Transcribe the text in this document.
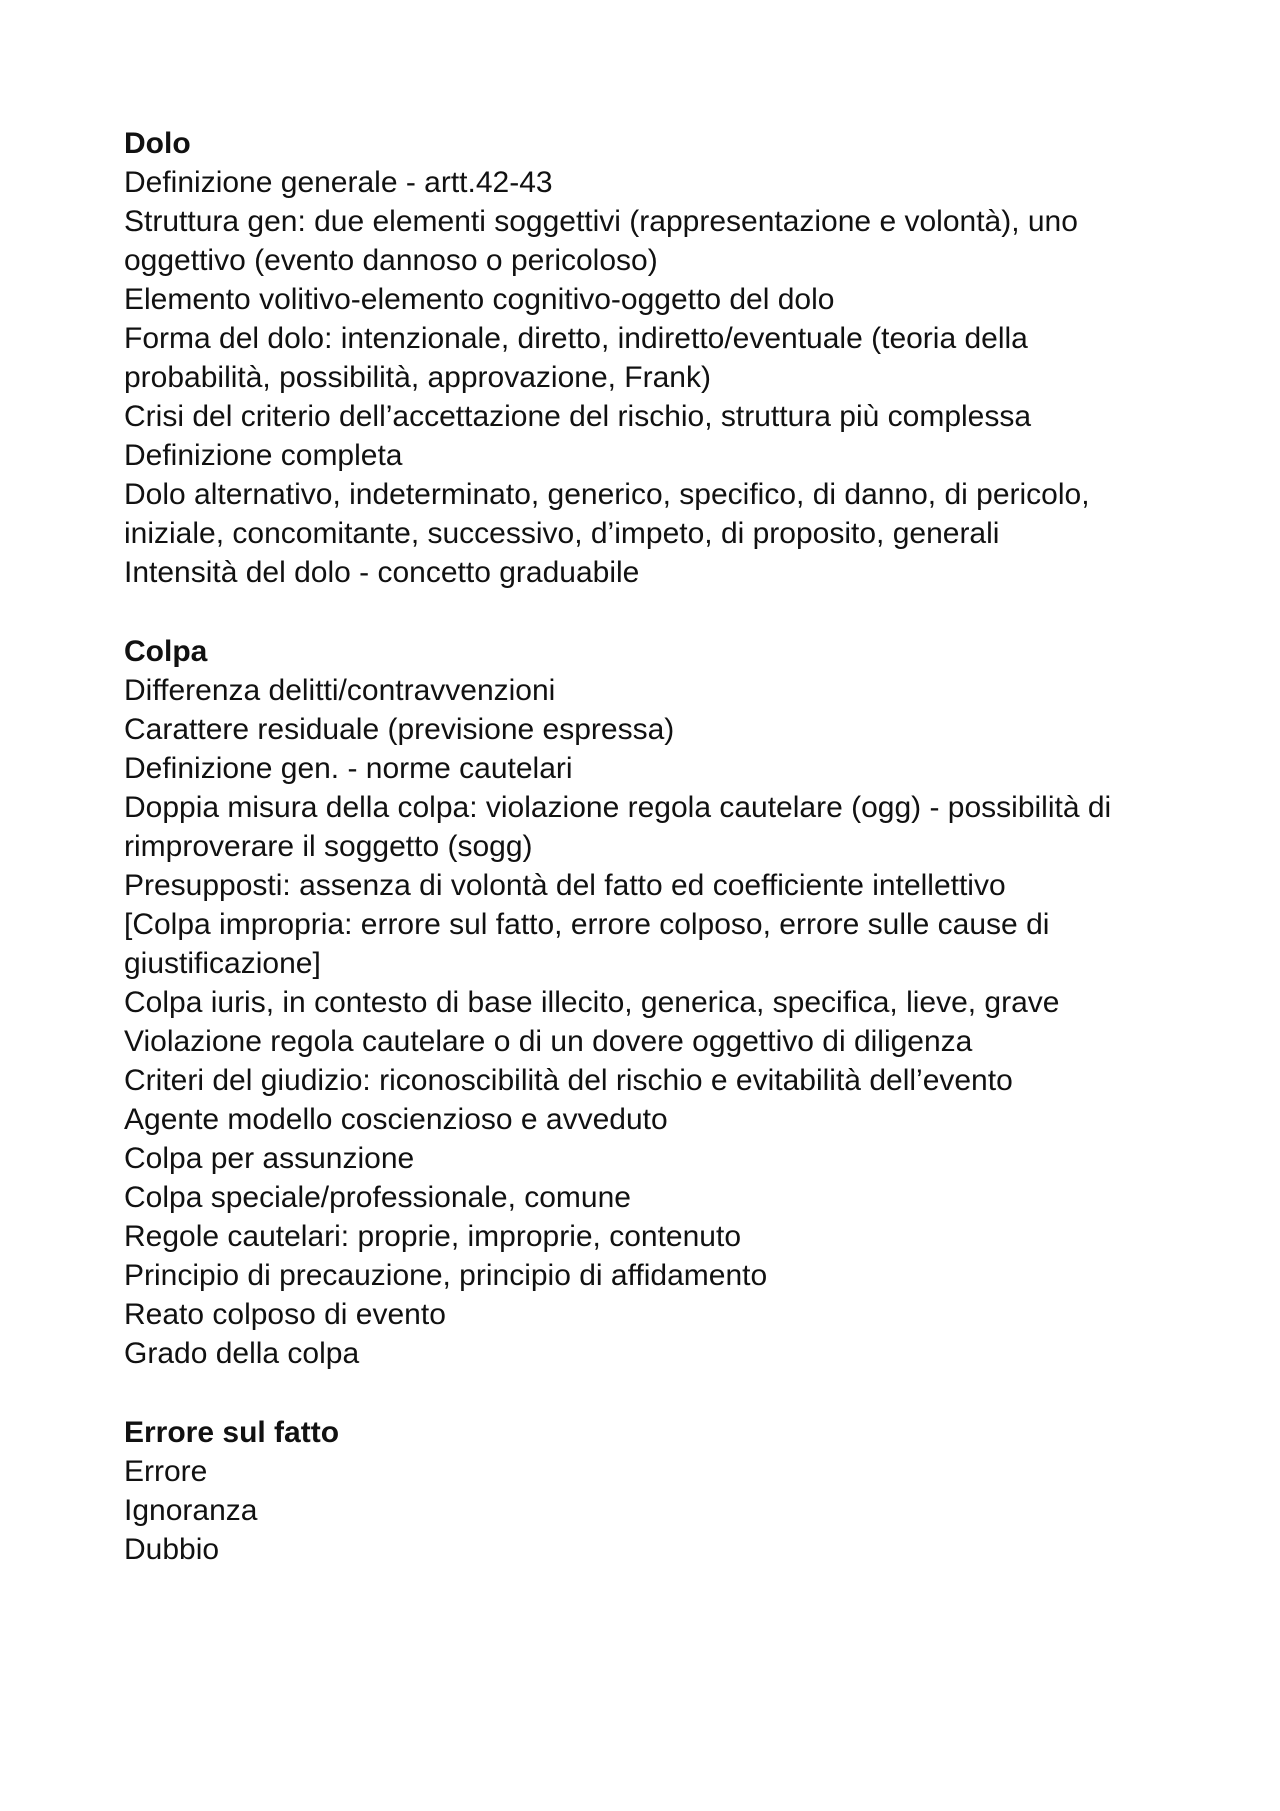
Dolo

Definizione generale - artt.42-43

Struttura gen: due elementi soggettivi (rappresentazione e volontà), uno oggettivo (evento dannoso o pericoloso)

Elemento volitivo-elemento cognitivo-oggetto del dolo

Forma del dolo: intenzionale, diretto, indiretto/eventuale (teoria della probabilità, possibilità, approvazione, Frank)

Crisi del criterio dell’accettazione del rischio, struttura più complessa

Definizione completa

Dolo alternativo, indeterminato, generico, specifico, di danno, di pericolo, iniziale, concomitante, successivo, d’impeto, di proposito, generali

Intensità del dolo - concetto graduabile

Colpa

Differenza delitti/contravvenzioni

Carattere residuale (previsione espressa)

Definizione gen. - norme cautelari

Doppia misura della colpa: violazione regola cautelare (ogg) - possibilità di rimproverare il soggetto (sogg)

Presupposti: assenza di volontà del fatto ed coefficiente intellettivo

[Colpa impropria: errore sul fatto, errore colposo, errore sulle cause di giustificazione]

Colpa iuris, in contesto di base illecito, generica, specifica, lieve, grave

Violazione regola cautelare o di un dovere oggettivo di diligenza

Criteri del giudizio: riconoscibilità del rischio e evitabilità dell’evento

Agente modello coscienzioso e avveduto

Colpa per assunzione

Colpa speciale/professionale, comune

Regole cautelari: proprie, improprie, contenuto

Principio di precauzione, principio di affidamento

Reato colposo di evento

Grado della colpa

Errore sul fatto

Errore

Ignoranza

Dubbio
